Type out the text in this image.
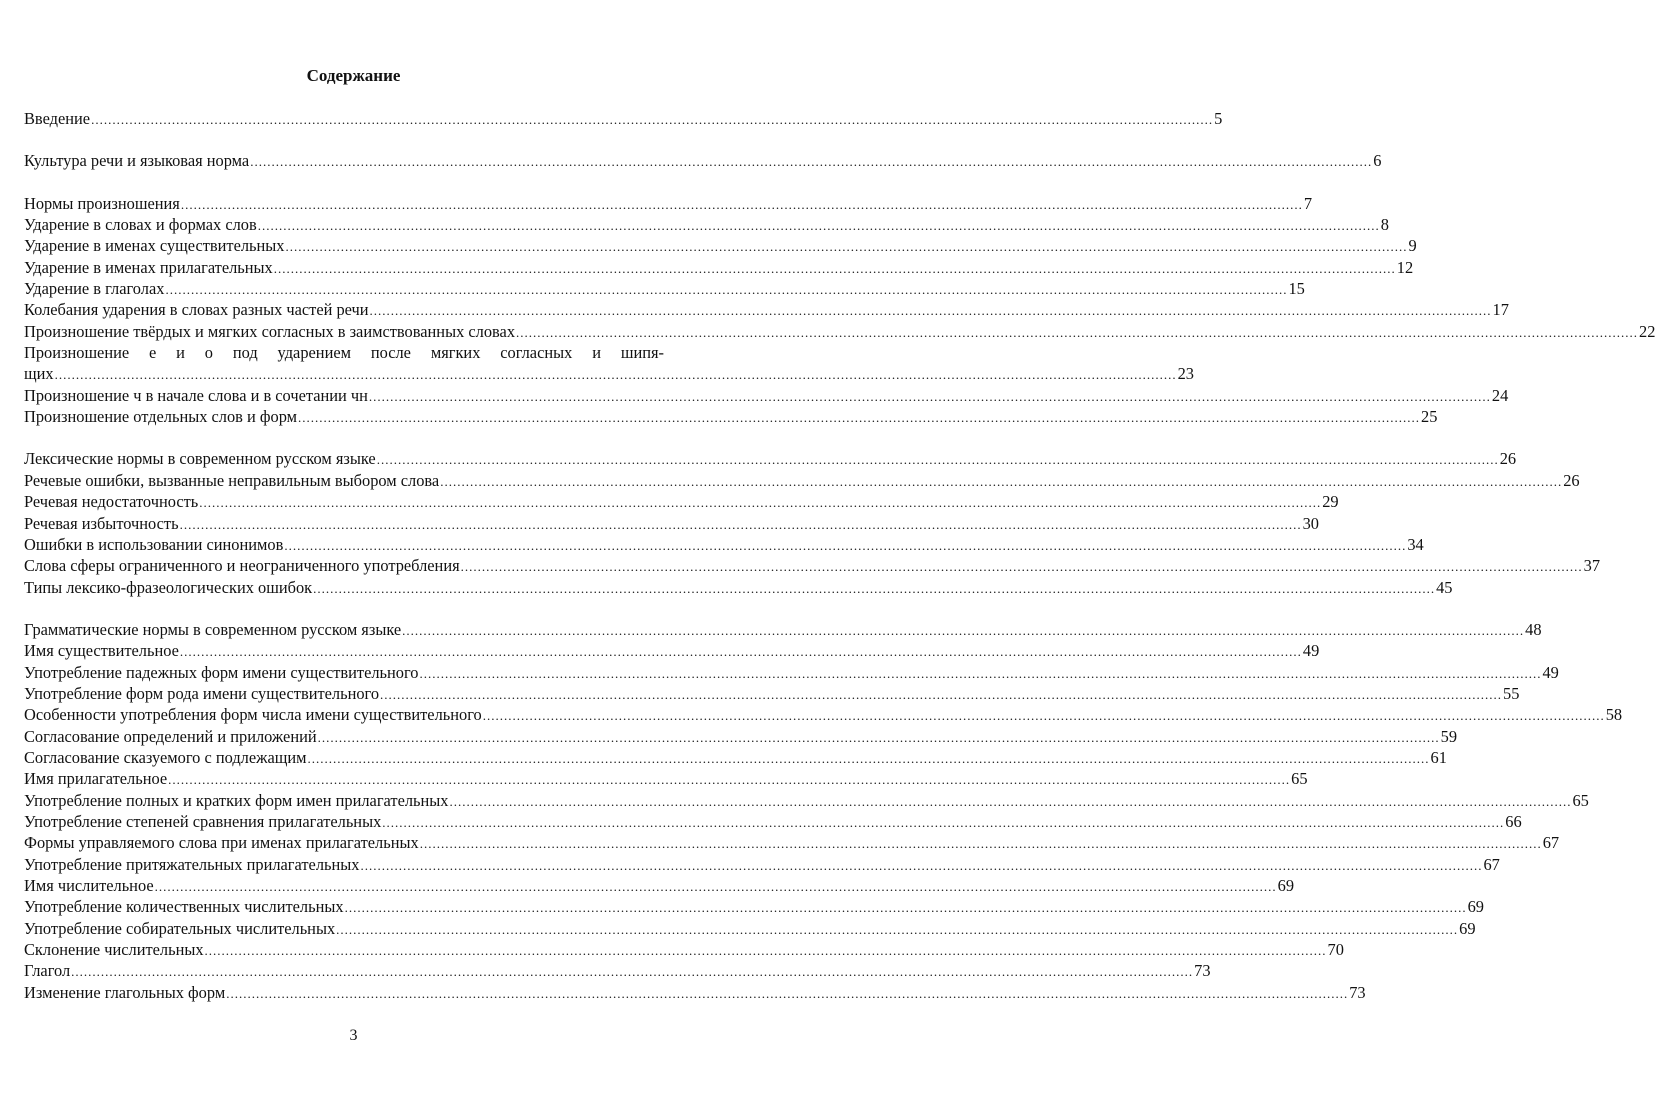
Содержание
Введение ........................................................................................................................................................................................................................................................................ 5
Культура речи и языковая норма ........................................................................................................................................................................................................................................................................ 6
Нормы произношения ........................................................................................................................................................................................................................................................................ 7
Ударение в словах и формах слов ........................................................................................................................................................................................................................................................................ 8
Ударение в именах существительных ........................................................................................................................................................................................................................................................................ 9
Ударение в именах прилагательных ........................................................................................................................................................................................................................................................................ 12
Ударение в глаголах ........................................................................................................................................................................................................................................................................ 15
Колебания ударения в словах разных частей речи ........................................................................................................................................................................................................................................................................ 17
Произношение твёрдых и мягких согласных в заимствованных словах ........................................................................................................................................................................................................................................................................ 22
Произношение е и о под ударением после мягких согласных и шипя-
щих ........................................................................................................................................................................................................................................................................ 23
Произношение ч в начале слова и в сочетании чн ........................................................................................................................................................................................................................................................................ 24
Произношение отдельных слов и форм ........................................................................................................................................................................................................................................................................ 25
Лексические нормы в современном русском языке ........................................................................................................................................................................................................................................................................ 26
Речевые ошибки, вызванные неправильным выбором слова ........................................................................................................................................................................................................................................................................ 26
Речевая недостаточность ........................................................................................................................................................................................................................................................................ 29
Речевая избыточность ........................................................................................................................................................................................................................................................................ 30
Ошибки в использовании синонимов ........................................................................................................................................................................................................................................................................ 34
Слова сферы ограниченного и неограниченного употребления ........................................................................................................................................................................................................................................................................ 37
Типы лексико-фразеологических ошибок ........................................................................................................................................................................................................................................................................ 45
Грамматические нормы в современном русском языке ........................................................................................................................................................................................................................................................................ 48
Имя существительное ........................................................................................................................................................................................................................................................................ 49
Употребление падежных форм имени существительного ........................................................................................................................................................................................................................................................................ 49
Употребление форм рода имени существительного ........................................................................................................................................................................................................................................................................ 55
Особенности употребления форм числа имени существительного ........................................................................................................................................................................................................................................................................ 58
Согласование определений и приложений ........................................................................................................................................................................................................................................................................ 59
Согласование сказуемого с подлежащим ........................................................................................................................................................................................................................................................................ 61
Имя прилагательное ........................................................................................................................................................................................................................................................................ 65
Употребление полных и кратких форм имен прилагательных ........................................................................................................................................................................................................................................................................ 65
Употребление степеней сравнения прилагательных ........................................................................................................................................................................................................................................................................ 66
Формы управляемого слова при именах прилагательных ........................................................................................................................................................................................................................................................................ 67
Употребление притяжательных прилагательных ........................................................................................................................................................................................................................................................................ 67
Имя числительное ........................................................................................................................................................................................................................................................................ 69
Употребление количественных числительных ........................................................................................................................................................................................................................................................................ 69
Употребление собирательных числительных ........................................................................................................................................................................................................................................................................ 69
Склонение числительных ........................................................................................................................................................................................................................................................................ 70
Глагол ........................................................................................................................................................................................................................................................................ 73
Изменение глагольных форм ........................................................................................................................................................................................................................................................................ 73
3
